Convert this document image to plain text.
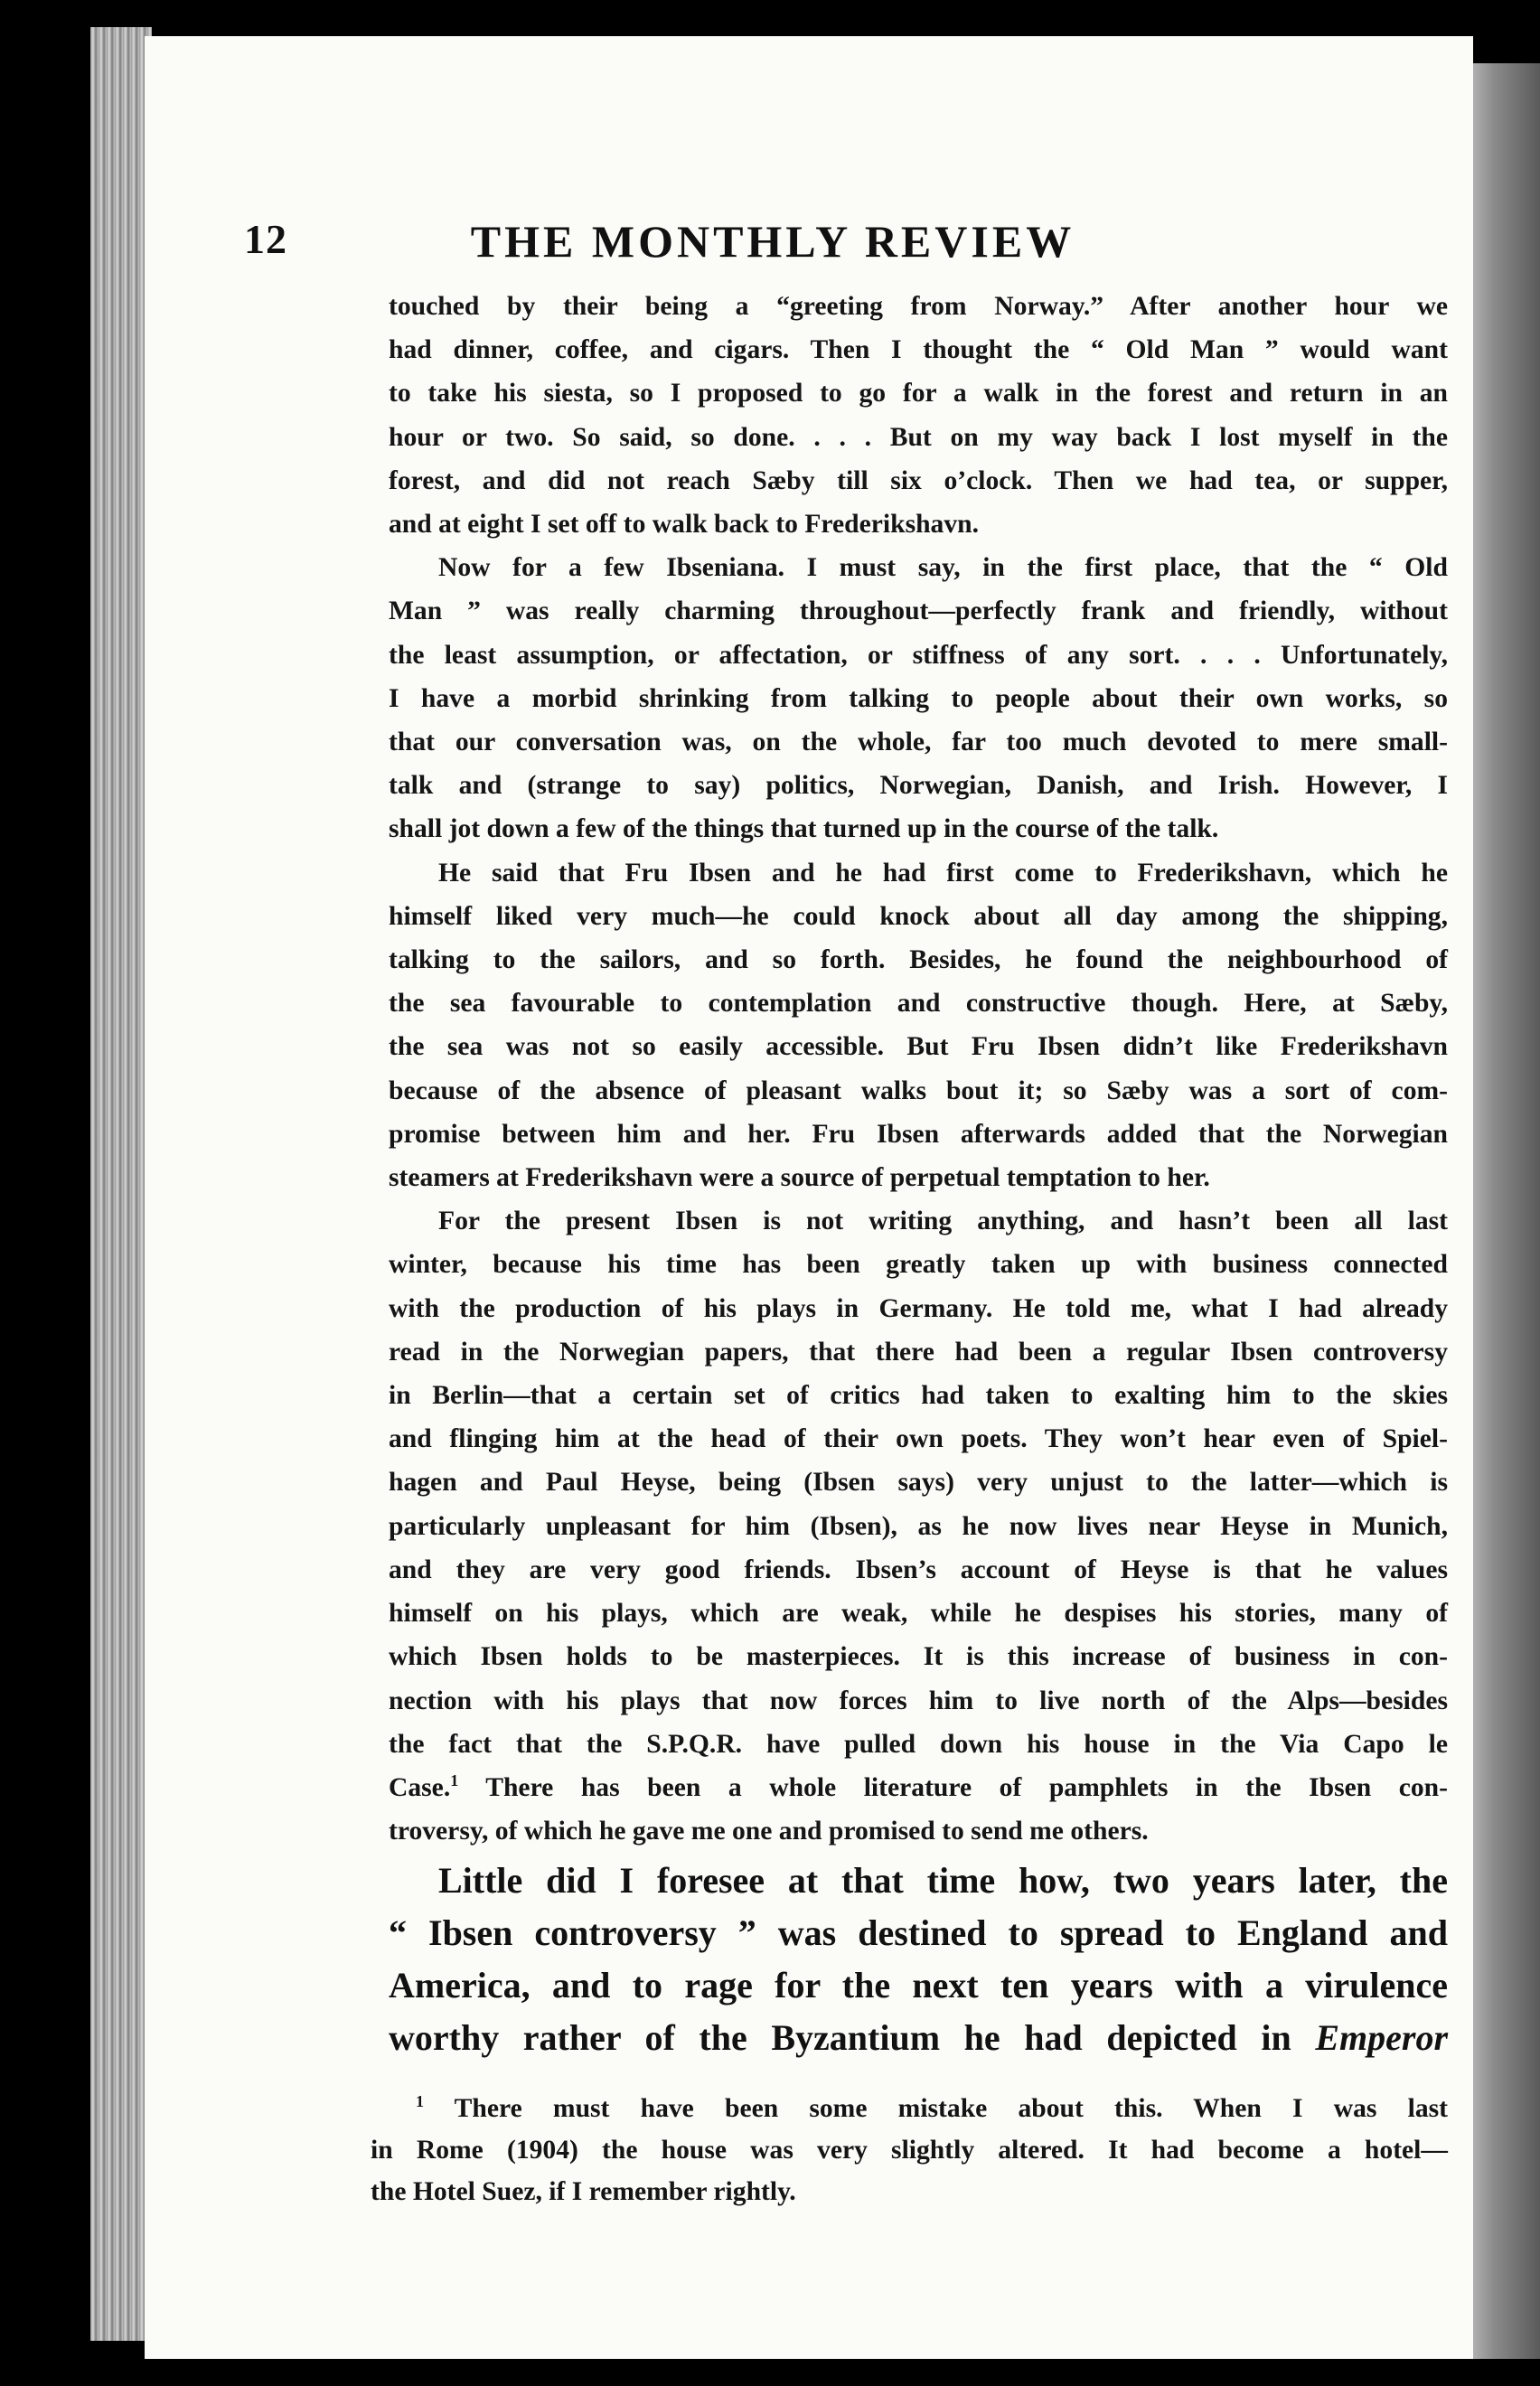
12	THE MONTHLY REVIEW
touched by their being a “greeting from Norway.” After another hour we
had dinner, coffee, and cigars. Then I thought the “ Old Man ” would want
to take his siesta, so I proposed to go for a walk in the forest and return in an
hour or two. So said, so done. . . . But on my way back I lost myself in the
forest, and did not reach Sæby till six o’clock. Then we had tea, or supper,
and at eight I set off to walk back to Frederikshavn.
Now for a few Ibseniana. I must say, in the first place, that the “ Old
Man ” was really charming throughout—perfectly frank and friendly, without
the least assumption, or affectation, or stiffness of any sort. . . . Unfortunately,
I have a morbid shrinking from talking to people about their own works, so
that our conversation was, on the whole, far too much devoted to mere small-
talk and (strange to say) politics, Norwegian, Danish, and Irish. However, I
shall jot down a few of the things that turned up in the course of the talk.
He said that Fru Ibsen and he had first come to Frederikshavn, which he
himself liked very much—he could knock about all day among the shipping,
talking to the sailors, and so forth. Besides, he found the neighbourhood of
the sea favourable to contemplation and constructive though. Here, at Sæby,
the sea was not so easily accessible. But Fru Ibsen didn’t like Frederikshavn
because of the absence of pleasant walks bout it; so Sæby was a sort of com-
promise between him and her. Fru Ibsen afterwards added that the Norwegian
steamers at Frederikshavn were a source of perpetual temptation to her.
For the present Ibsen is not writing anything, and hasn’t been all last
winter, because his time has been greatly taken up with business connected
with the production of his plays in Germany. He told me, what I had already
read in the Norwegian papers, that there had been a regular Ibsen controversy
in Berlin—that a certain set of critics had taken to exalting him to the skies
and flinging him at the head of their own poets. They won’t hear even of Spiel-
hagen and Paul Heyse, being (Ibsen says) very unjust to the latter—which is
particularly unpleasant for him (Ibsen), as he now lives near Heyse in Munich,
and they are very good friends. Ibsen’s account of Heyse is that he values
himself on his plays, which are weak, while he despises his stories, many of
which Ibsen holds to be masterpieces. It is this increase of business in con-
nection with his plays that now forces him to live north of the Alps—besides
the fact that the S.P.Q.R. have pulled down his house in the Via Capo le
Case.$^1$ There has been a whole literature of pamphlets in the Ibsen con-
troversy, of which he gave me one and promised to send me others.
Little did I foresee at that time how, two years later, the
“ Ibsen controversy ” was destined to spread to England and
America, and to rage for the next ten years with a virulence
worthy rather of the Byzantium he had depicted in Emperor
$^1$ There must have been some mistake about this. When I was last
in Rome (1904) the house was very slightly altered. It had become a hotel—
the Hotel Suez, if I remember rightly.
